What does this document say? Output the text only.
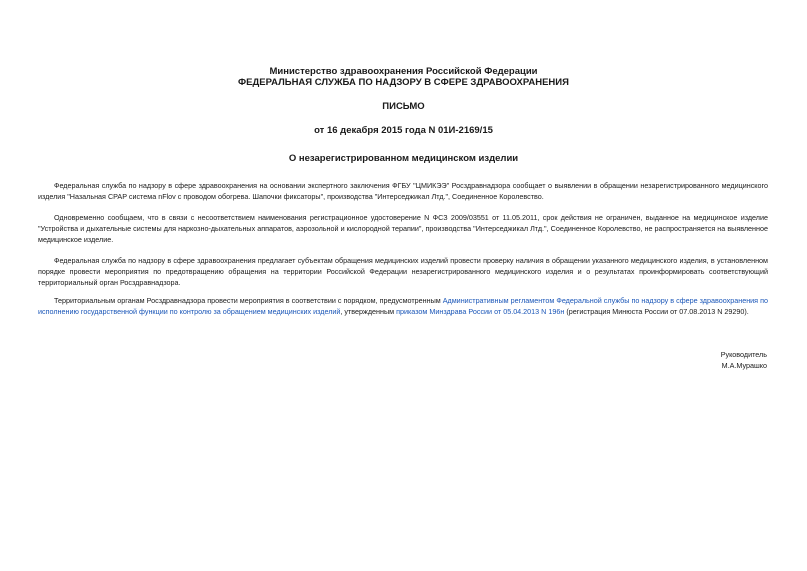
Министерство здравоохранения Российской Федерации
ФЕДЕРАЛЬНАЯ СЛУЖБА ПО НАДЗОРУ В СФЕРЕ ЗДРАВООХРАНЕНИЯ
ПИСЬМО
от 16 декабря 2015 года N 01И-2169/15
О незарегистрированном медицинском изделии

Федеральная служба по надзору в сфере здравоохранения на основании экспертного заключения ФГБУ "ЦМИКЭЭ" Росздравнадзора сообщает о выявлении в обращении незарегистрированного медицинского изделия "Назальная CPAP система nFlov с проводом обогрева. Шапочки фиксаторы", производства "Интерседжикал Лтд.", Соединенное Королевство.

Одновременно сообщаем, что в связи с несоответствием наименования регистрационное удостоверение N ФСЗ 2009/03551 от 11.05.2011, срок действия не ограничен, выданное на медицинское изделие "Устройства и дыхательные системы для наркозно-дыхательных аппаратов, аэрозольной и кислородной терапии", производства "Интерседжикал Лтд.", Соединенное Королевство, не распространяется на выявленное медицинское изделие.

Федеральная служба по надзору в сфере здравоохранения предлагает субъектам обращения медицинских изделий провести проверку наличия в обращении указанного медицинского изделия, в установленном порядке провести мероприятия по предотвращению обращения на территории Российской Федерации незарегистрированного медицинского изделия и о результатах проинформировать соответствующий территориальный орган Росздравнадзора.

Территориальным органам Росздравнадзора провести мероприятия в соответствии с порядком, предусмотренным Административным регламентом Федеральной службы по надзору в сфере здравоохранения по исполнению государственной функции по контролю за обращением медицинских изделий, утвержденным приказом Минздрава России от 05.04.2013 N 196н (регистрация Минюста России от 07.08.2013 N 29290).

Руководитель
М.А.Мурашко
